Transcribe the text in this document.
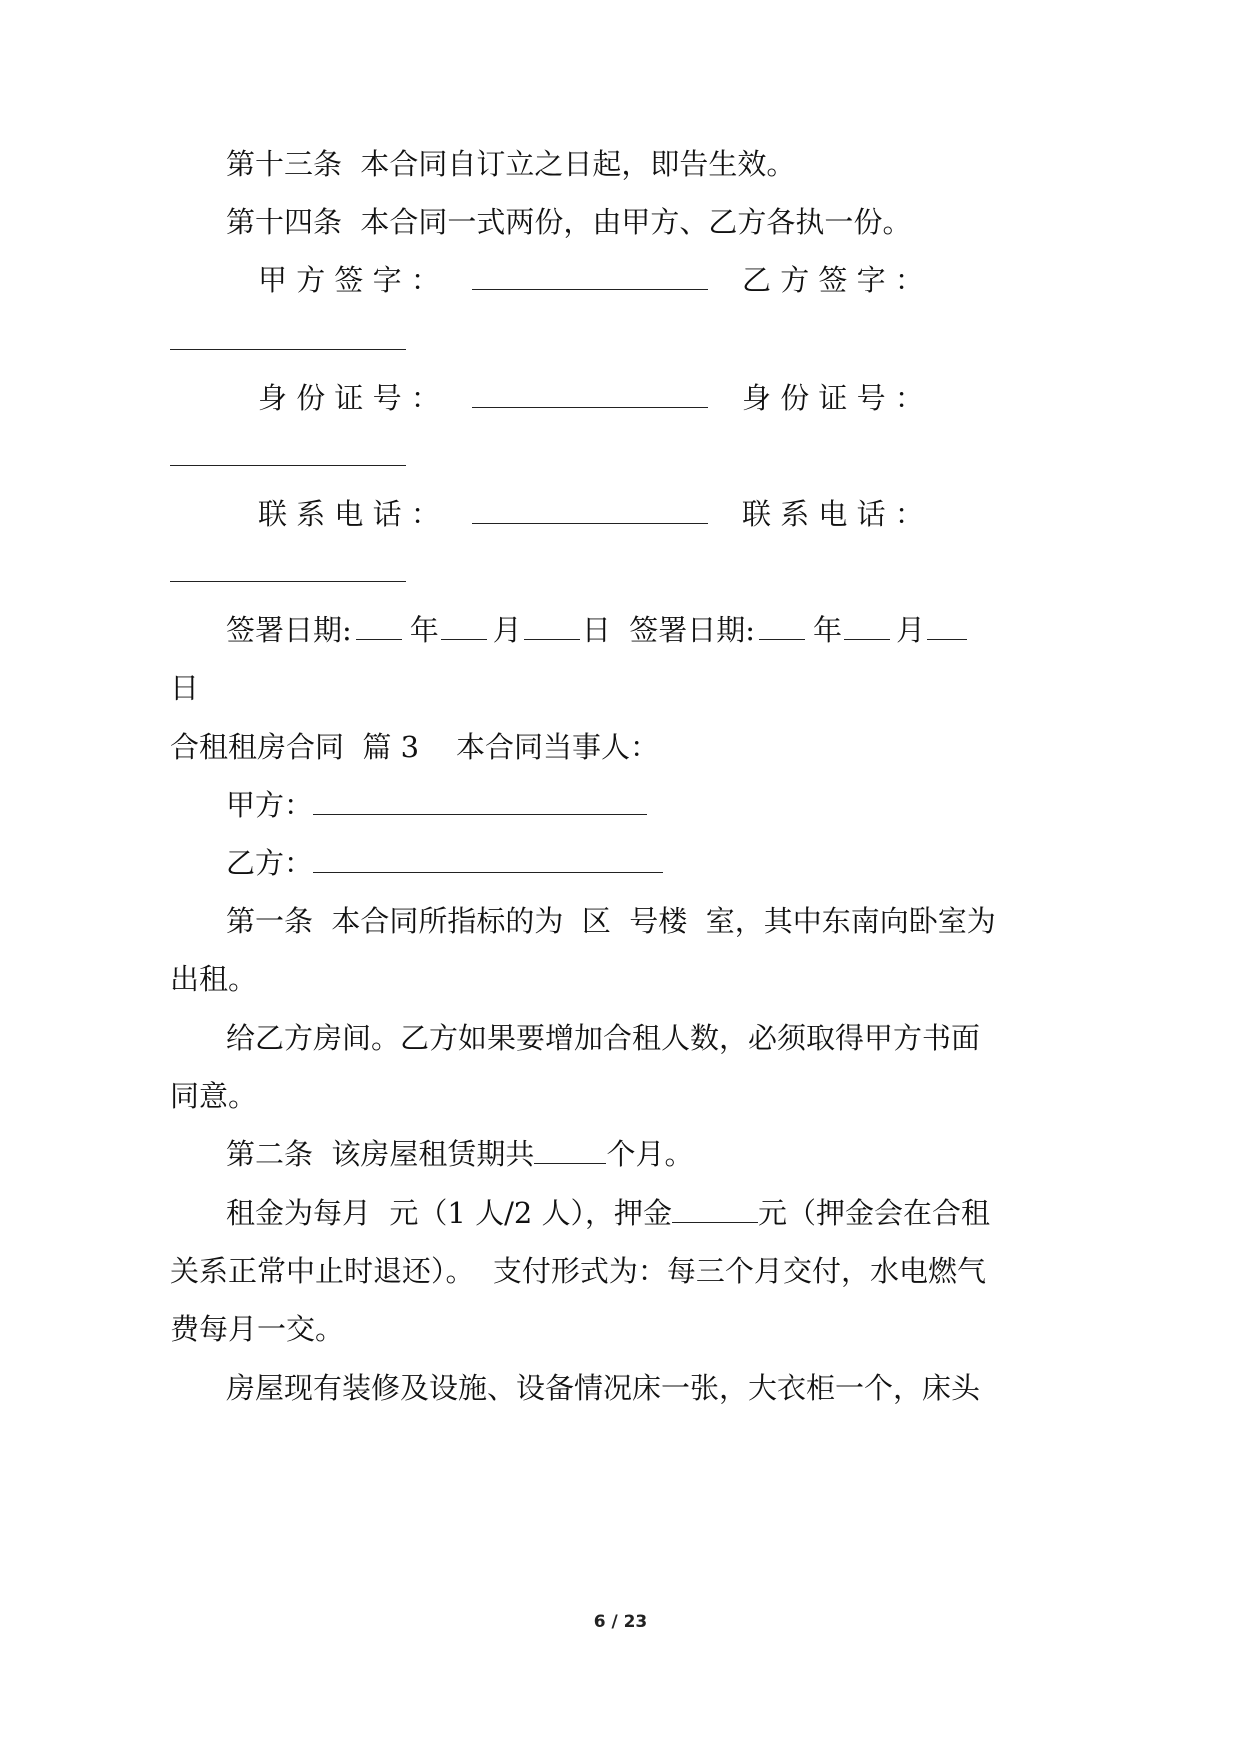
第十三条  本合同自订立之日起，即告生效。
第十四条  本合同一式两份，由甲方、乙方各执一份。
甲 方 签 字 ：	乙 方 签 字 ：
身 份 证 号 ：	身 份 证 号 ：
联 系 电 话 ：	联 系 电 话 ：
签署日期: 年 月 日 签署日期: 年 月
日
合租租房合同  篇 3 本合同当事人：
甲方：
乙方：
第一条  本合同所指标的为  区  号楼  室，其中东南向卧室为
出租。
给乙方房间。乙方如果要增加合租人数，必须取得甲方书面
同意。
第二条  该房屋租赁期共 个月。
租金为每月  元（1 人/2 人），押金	元（押金会在合租
关系正常中止时退还）。  支付形式为：每三个月交付，水电燃气
费每月一交。
房屋现有装修及设施、设备情况床一张，大衣柜一个，床头
6 / 23
